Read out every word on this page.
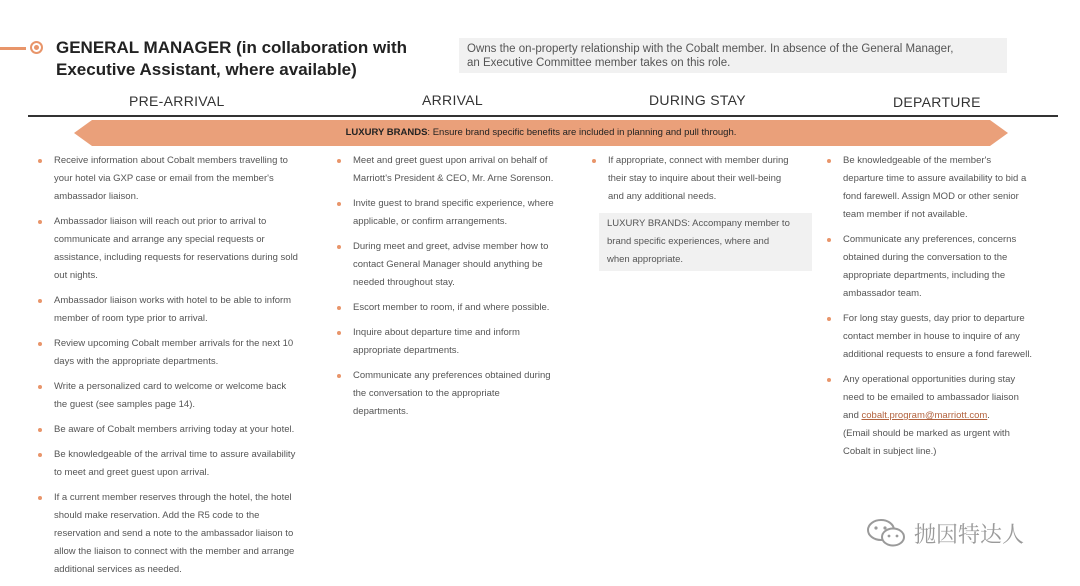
GENERAL MANAGER (in collaboration with
Executive Assistant, where available)
Owns the on-property relationship with the Cobalt member. In absence of the General Manager,
an Executive Committee member takes on this role.
PRE-ARRIVAL	ARRIVAL	DURING STAY	DEPARTURE
LUXURY BRANDS: Ensure brand specific benefits are included in planning and pull through.
Receive information about Cobalt members travelling to
your hotel via GXP case or email from the member's
ambassador liaison.
Ambassador liaison will reach out prior to arrival to
communicate and arrange any special requests or
assistance, including requests for reservations during sold
out nights.
Ambassador liaison works with hotel to be able to inform
member of room type prior to arrival.
Review upcoming Cobalt member arrivals for the next 10
days with the appropriate departments.
Write a personalized card to welcome or welcome back
the guest (see samples page 14).
Be aware of Cobalt members arriving today at your hotel.
Be knowledgeable of the arrival time to assure availability
to meet and greet guest upon arrival.
If a current member reserves through the hotel, the hotel
should make reservation. Add the R5 code to the
reservation and send a note to the ambassador liaison to
allow the liaison to connect with the member and arrange
additional services as needed.
Meet and greet guest upon arrival on behalf of
Marriott's President & CEO, Mr. Arne Sorenson.
Invite guest to brand specific experience, where
applicable, or confirm arrangements.
During meet and greet, advise member how to
contact General Manager should anything be
needed throughout stay.
Escort member to room, if and where possible.
Inquire about departure time and inform
appropriate departments.
Communicate any preferences obtained during
the conversation to the appropriate
departments.
If appropriate, connect with member during
their stay to inquire about their well-being
and any additional needs.
LUXURY BRANDS: Accompany member to
brand specific experiences, where and
when appropriate.
Be knowledgeable of the member's
departure time to assure availability to bid a
fond farewell. Assign MOD or other senior
team member if not available.
Communicate any preferences, concerns
obtained during the conversation to the
appropriate departments, including the
ambassador team.
For long stay guests, day prior to departure
contact member in house to inquire of any
additional requests to ensure a fond farewell.
Any operational opportunities during stay
need to be emailed to ambassador liaison
and cobalt.program@marriott.com.
(Email should be marked as urgent with
Cobalt in subject line.)
抛因特达人
